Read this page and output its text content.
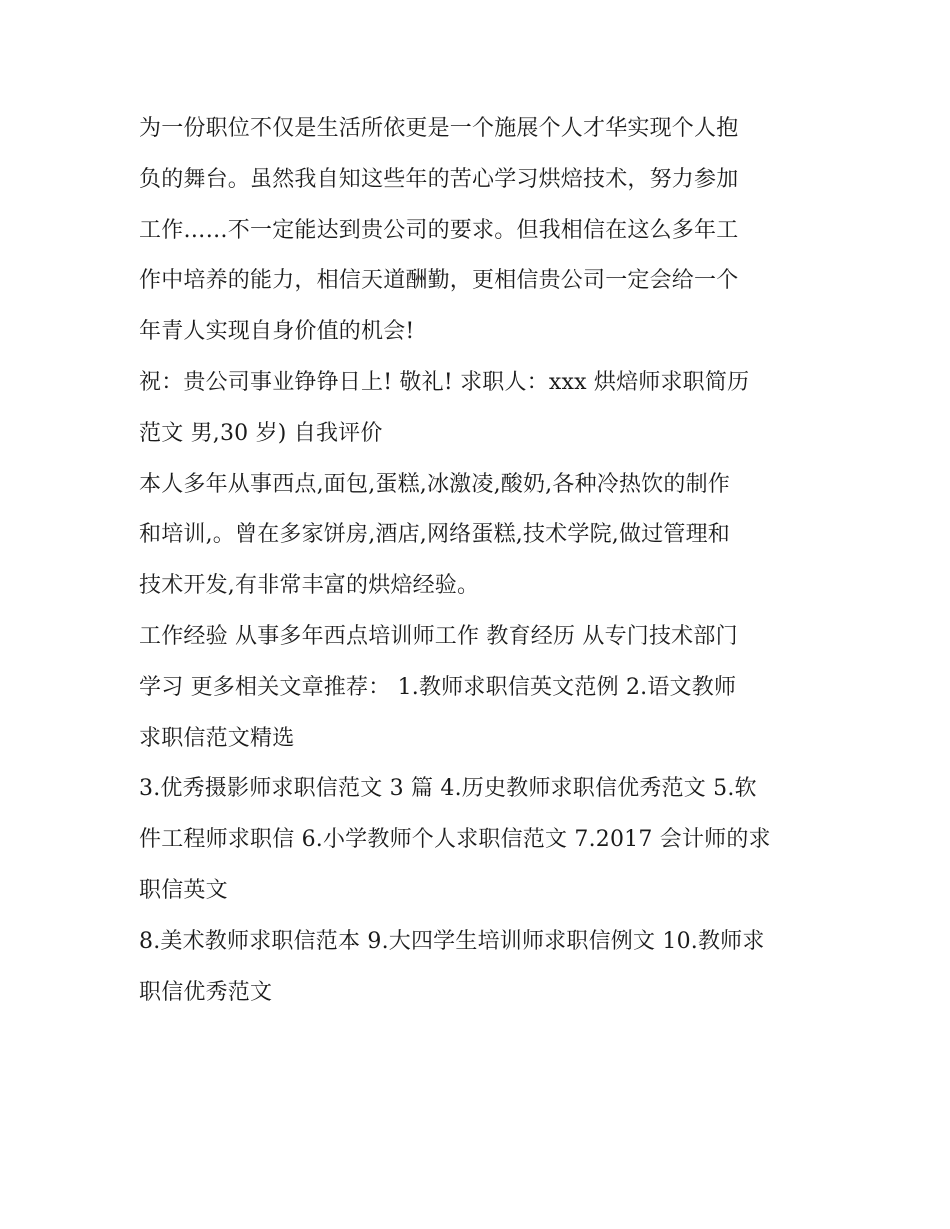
为一份职位不仅是生活所依更是一个施展个人才华实现个人抱
负的舞台。虽然我自知这些年的苦心学习烘焙技术，努力参加
工作……不一定能达到贵公司的要求。但我相信在这么多年工
作中培养的能力，相信天道酬勤，更相信贵公司一定会给一个
年青人实现自身价值的机会!
祝：贵公司事业铮铮日上! 敬礼! 求职人：xxx 烘焙师求职简历
范文 男,30 岁) 自我评价
本人多年从事西点,面包,蛋糕,冰激凌,酸奶,各种冷热饮的制作
和培训,。曾在多家饼房,酒店,网络蛋糕,技术学院,做过管理和
技术开发,有非常丰富的烘焙经验。
工作经验 从事多年西点培训师工作 教育经历 从专门技术部门
学习 更多相关文章推荐： 1.教师求职信英文范例 2.语文教师
求职信范文精选
3.优秀摄影师求职信范文 3 篇 4.历史教师求职信优秀范文 5.软
件工程师求职信 6.小学教师个人求职信范文 7.2017 会计师的求
职信英文
8.美术教师求职信范本 9.大四学生培训师求职信例文 10.教师求
职信优秀范文
